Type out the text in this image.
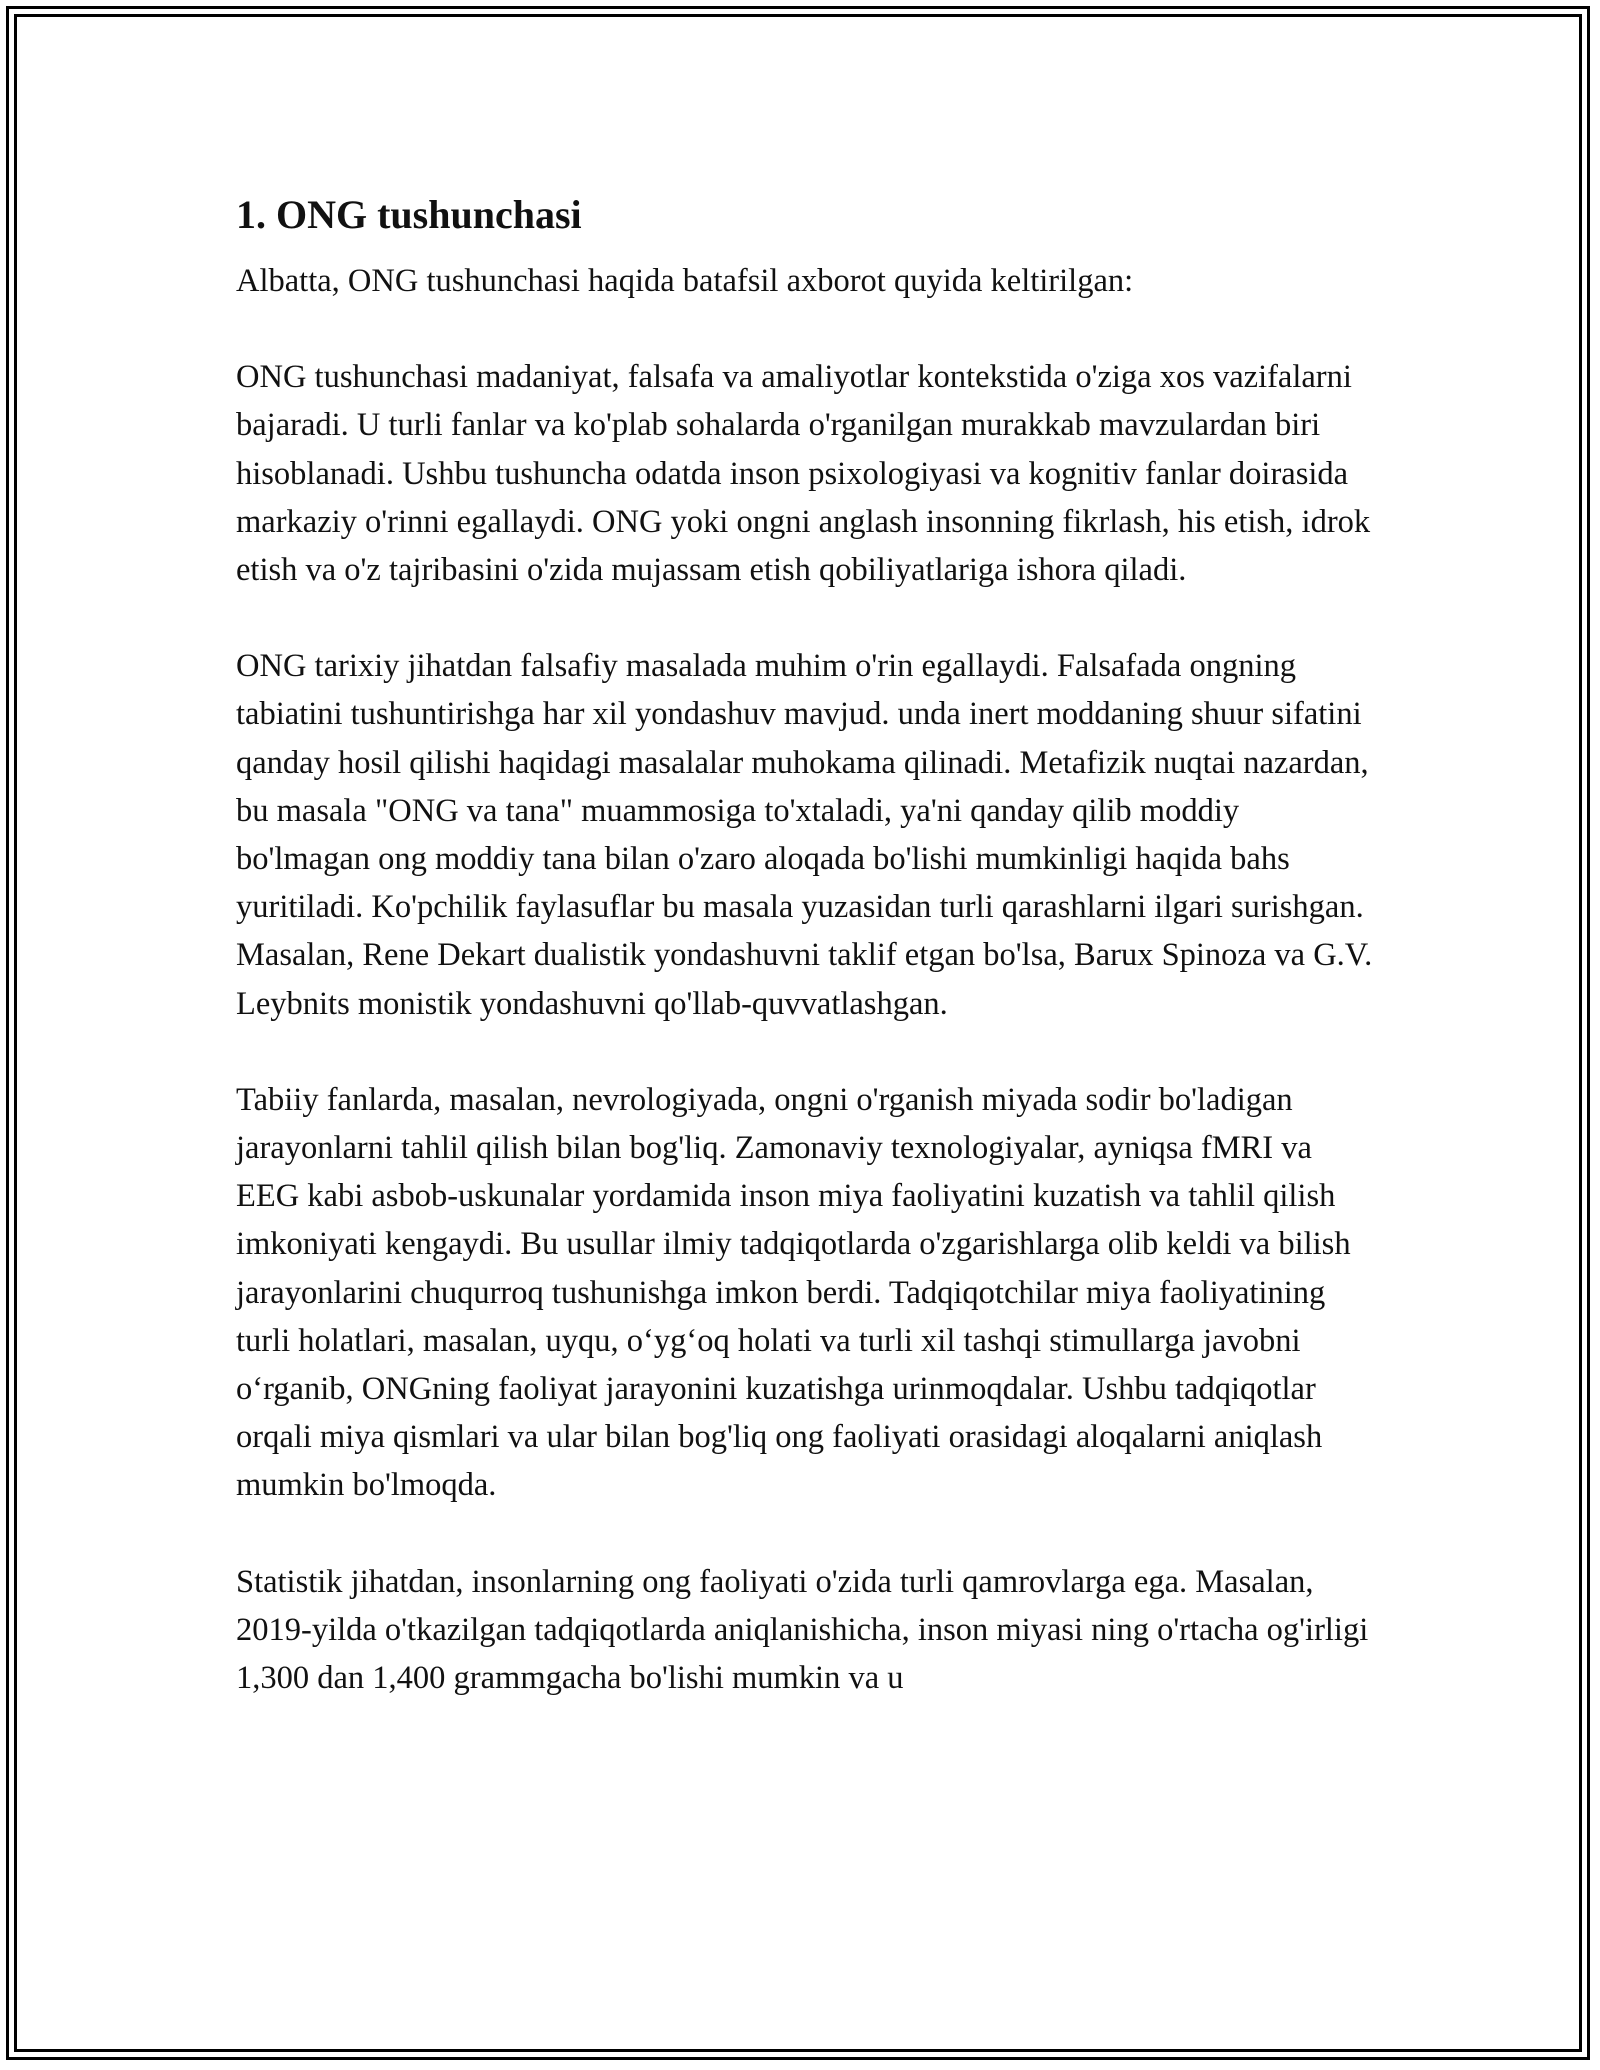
1. ONG tushunchasi

Albatta, ONG tushunchasi haqida batafsil axborot quyida keltirilgan:

ONG tushunchasi madaniyat, falsafa va amaliyotlar kontekstida o'ziga xos vazifalarni bajaradi. U turli fanlar va ko'plab sohalarda o'rganilgan murakkab mavzulardan biri hisoblanadi. Ushbu tushuncha odatda inson psixologiyasi va kognitiv fanlar doirasida markaziy o'rinni egallaydi. ONG yoki ongni anglash insonning fikrlash, his etish, idrok etish va o'z tajribasini o'zida mujassam etish qobiliyatlariga ishora qiladi.

ONG tarixiy jihatdan falsafiy masalada muhim o'rin egallaydi. Falsafada ongning tabiatini tushuntirishga har xil yondashuv mavjud. unda inert moddaning shuur sifatini qanday hosil qilishi haqidagi masalalar muhokama qilinadi. Metafizik nuqtai nazardan, bu masala "ONG va tana" muammosiga to'xtaladi, ya'ni qanday qilib moddiy bo'lmagan ong moddiy tana bilan o'zaro aloqada bo'lishi mumkinligi haqida bahs yuritiladi. Ko'pchilik faylasuflar bu masala yuzasidan turli qarashlarni ilgari surishgan. Masalan, Rene Dekart dualistik yondashuvni taklif etgan bo'lsa, Barux Spinoza va G.V. Leybnits monistik yondashuvni qo'llab-quvvatlashgan.

Tabiiy fanlarda, masalan, nevrologiyada, ongni o'rganish miyada sodir bo'ladigan jarayonlarni tahlil qilish bilan bog'liq. Zamonaviy texnologiyalar, ayniqsa fMRI va EEG kabi asbob-uskunalar yordamida inson miya faoliyatini kuzatish va tahlil qilish imkoniyati kengaydi. Bu usullar ilmiy tadqiqotlarda o'zgarishlarga olib keldi va bilish jarayonlarini chuqurroq tushunishga imkon berdi. Tadqiqotchilar miya faoliyatining turli holatlari, masalan, uyqu, o‘yg‘oq holati va turli xil tashqi stimullarga javobni o‘rganib, ONGning faoliyat jarayonini kuzatishga urinmoqdalar. Ushbu tadqiqotlar orqali miya qismlari va ular bilan bog'liq ong faoliyati orasidagi aloqalarni aniqlash mumkin bo'lmoqda.

Statistik jihatdan, insonlarning ong faoliyati o'zida turli qamrovlarga ega. Masalan, 2019-yilda o'tkazilgan tadqiqotlarda aniqlanishicha, inson miyasi ning o'rtacha og'irligi 1,300 dan 1,400 grammgacha bo'lishi mumkin va u
